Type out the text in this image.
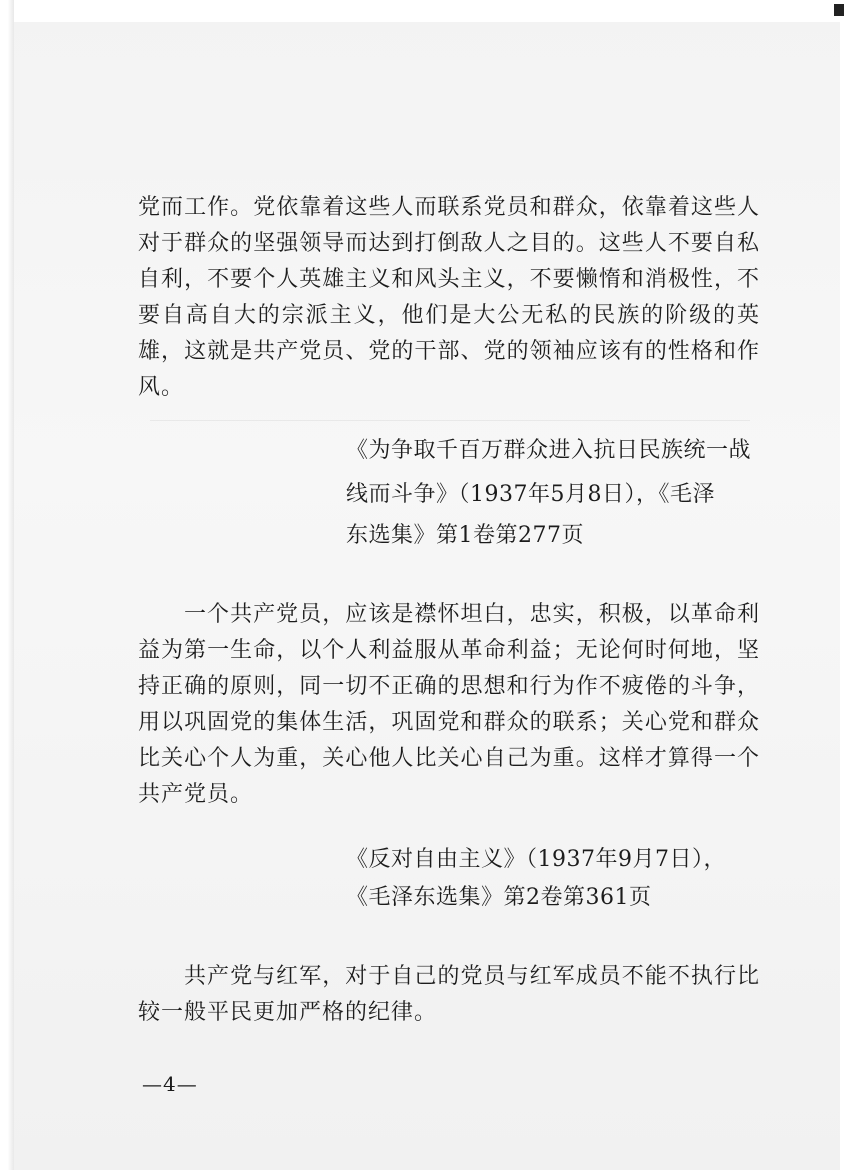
党而工作。党依靠着这些人而联系党员和群众，依靠着这些人对于群众的坚强领导而达到打倒敌人之目的。这些人不要自私自利，不要个人英雄主义和风头主义，不要懒惰和消极性，不要自高自大的宗派主义，他们是大公无私的民族的阶级的英雄，这就是共产党员、党的干部、党的领袖应该有的性格和作风。

《为争取千百万群众进入抗日民族统一战

线而斗争》（1937年5月8日），《毛泽

东选集》第1卷第277页

一个共产党员，应该是襟怀坦白，忠实，积极，以革命利益为第一生命，以个人利益服从革命利益；无论何时何地，坚持正确的原则，同一切不正确的思想和行为作不疲倦的斗争，用以巩固党的集体生活，巩固党和群众的联系；关心党和群众比关心个人为重，关心他人比关心自己为重。这样才算得一个共产党员。

《反对自由主义》（1937年9月7日），

《毛泽东选集》第2卷第361页

共产党与红军，对于自己的党员与红军成员不能不执行比较一般平民更加严格的纪律。

—4—
